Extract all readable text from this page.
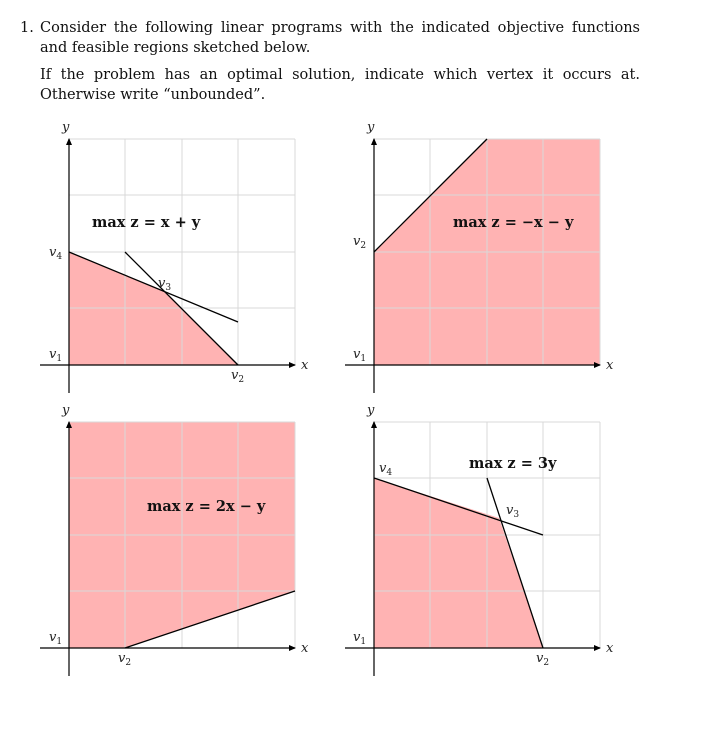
1. Consider the following linear programs with the indicated objective functions and feasible regions sketched below.
If the problem has an optimal solution, indicate which vertex it occurs at. Otherwise write “unbounded”.
y
x
max z = x + y
$v_4$
$v_3$
$v_1$
$v_2$
y
x
max z = −x − y
$v_2$
$v_1$
y
x
max z = 2x − y
$v_1$
$v_2$
y
x
max z = 3y
$v_4$
$v_3$
$v_1$
$v_2$
